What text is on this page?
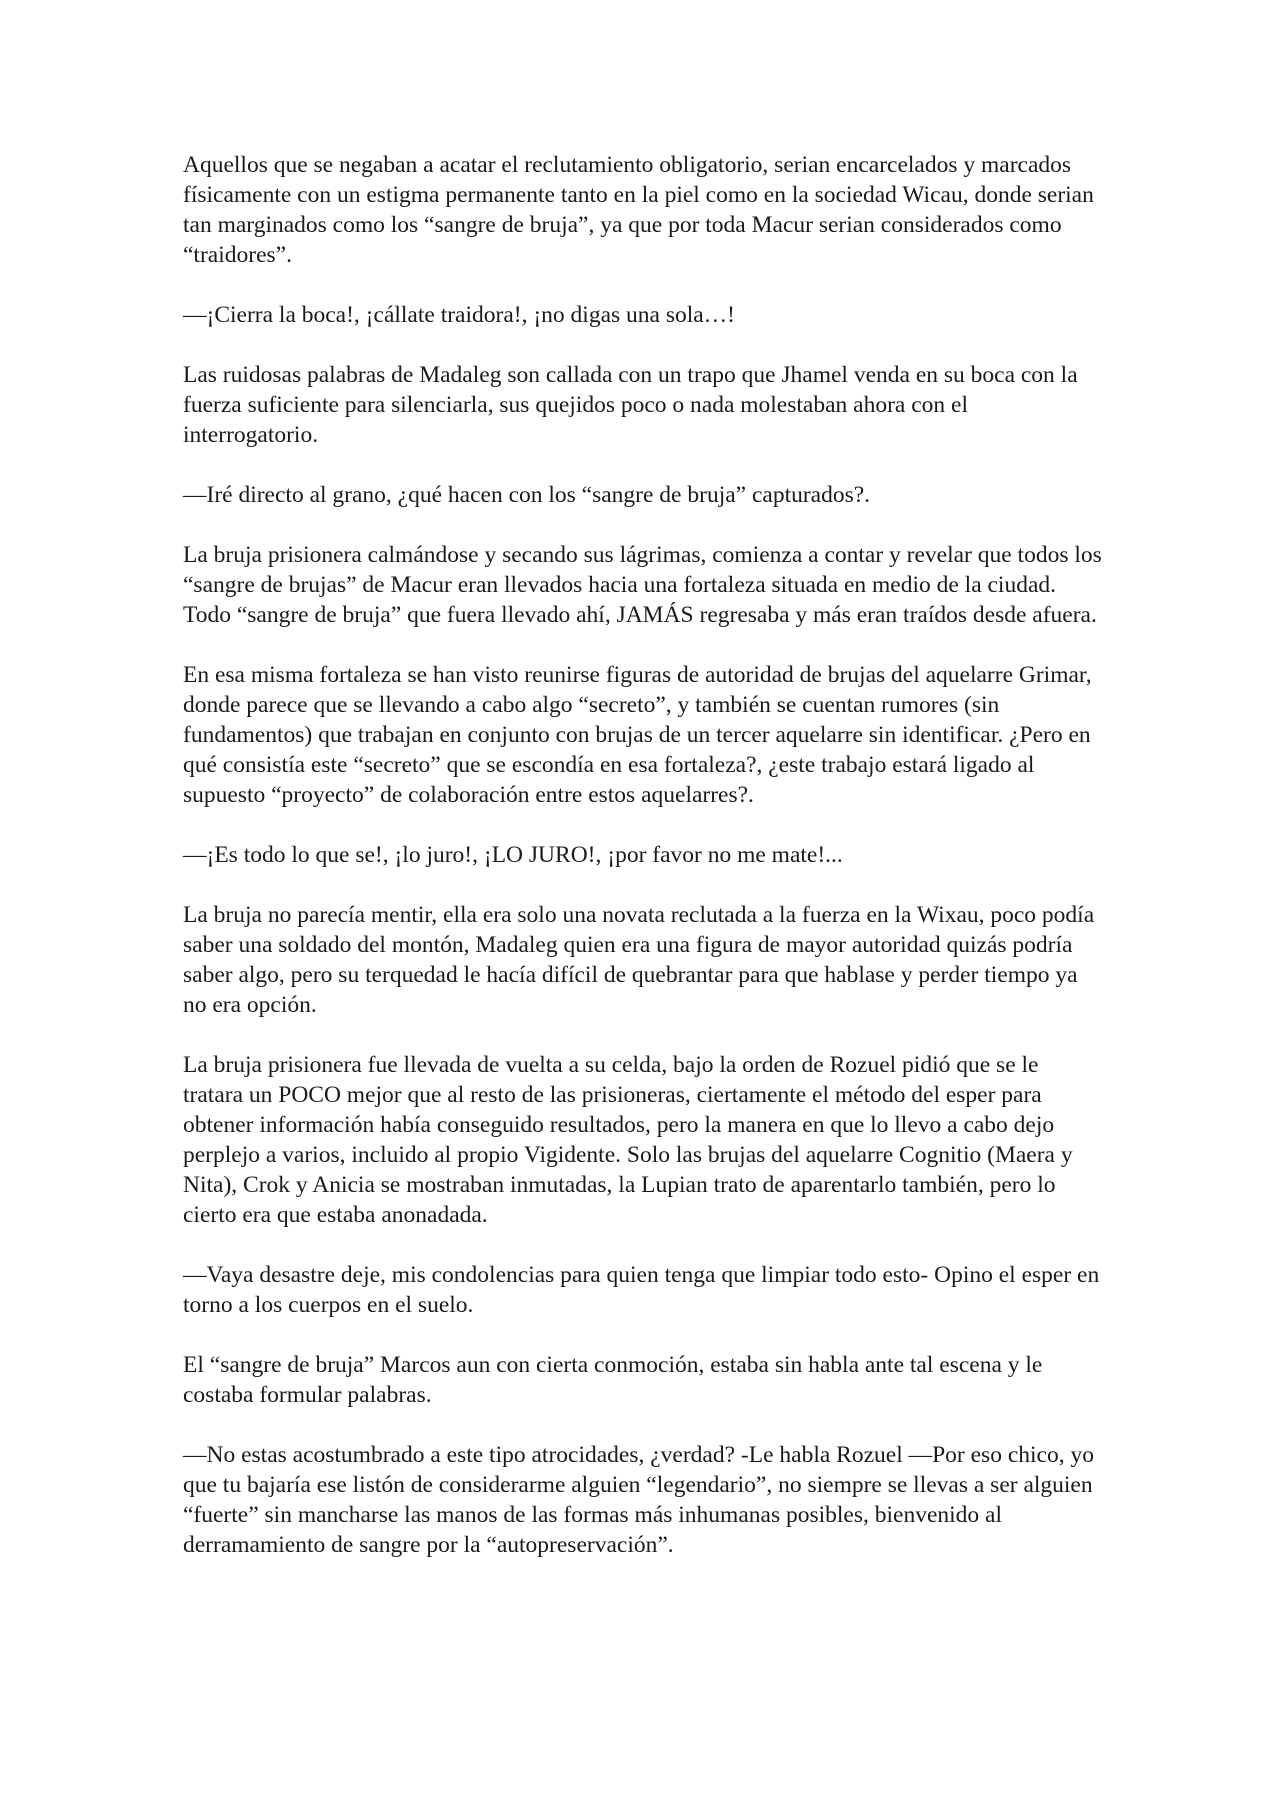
Aquellos que se negaban a acatar el reclutamiento obligatorio, serian encarcelados y marcados físicamente con un estigma permanente tanto en la piel como en la sociedad Wicau, donde serian tan marginados como los “sangre de bruja”, ya que por toda Macur serian considerados como “traidores”.

—¡Cierra la boca!, ¡cállate traidora!, ¡no digas una sola…!

Las ruidosas palabras de Madaleg son callada con un trapo que Jhamel venda en su boca con la fuerza suficiente para silenciarla, sus quejidos poco o nada molestaban ahora con el interrogatorio.

—Iré directo al grano, ¿qué hacen con los “sangre de bruja” capturados?.

La bruja prisionera calmándose y secando sus lágrimas, comienza a contar y revelar que todos los “sangre de brujas” de Macur eran llevados hacia una fortaleza situada en medio de la ciudad. Todo “sangre de bruja” que fuera llevado ahí, JAMÁS regresaba y más eran traídos desde afuera.

En esa misma fortaleza se han visto reunirse figuras de autoridad de brujas del aquelarre Grimar, donde parece que se llevando a cabo algo “secreto”, y también se cuentan rumores (sin fundamentos) que trabajan en conjunto con brujas de un tercer aquelarre sin identificar. ¿Pero en qué consistía este “secreto” que se escondía en esa fortaleza?, ¿este trabajo estará ligado al supuesto “proyecto” de colaboración entre estos aquelarres?.

—¡Es todo lo que se!, ¡lo juro!, ¡LO JURO!, ¡por favor no me mate!...

La bruja no parecía mentir, ella era solo una novata reclutada a la fuerza en la Wixau, poco podía saber una soldado del montón, Madaleg quien era una figura de mayor autoridad quizás podría saber algo, pero su terquedad le hacía difícil de quebrantar para que hablase y perder tiempo ya no era opción.

La bruja prisionera fue llevada de vuelta a su celda, bajo la orden de Rozuel pidió que se le tratara un POCO mejor que al resto de las prisioneras, ciertamente el método del esper para obtener información había conseguido resultados, pero la manera en que lo llevo a cabo dejo perplejo a varios, incluido al propio Vigidente. Solo las brujas del aquelarre Cognitio (Maera y Nita), Crok y Anicia se mostraban inmutadas, la Lupian trato de aparentarlo también, pero lo cierto era que estaba anonadada.

—Vaya desastre deje, mis condolencias para quien tenga que limpiar todo esto- Opino el esper en torno a los cuerpos en el suelo.

El “sangre de bruja” Marcos aun con cierta conmoción, estaba sin habla ante tal escena y le costaba formular palabras.

—No estas acostumbrado a este tipo atrocidades, ¿verdad? -Le habla Rozuel —Por eso chico, yo que tu bajaría ese listón de considerarme alguien “legendario”, no siempre se llevas a ser alguien “fuerte” sin mancharse las manos de las formas más inhumanas posibles, bienvenido al derramamiento de sangre por la “autopreservación”.
